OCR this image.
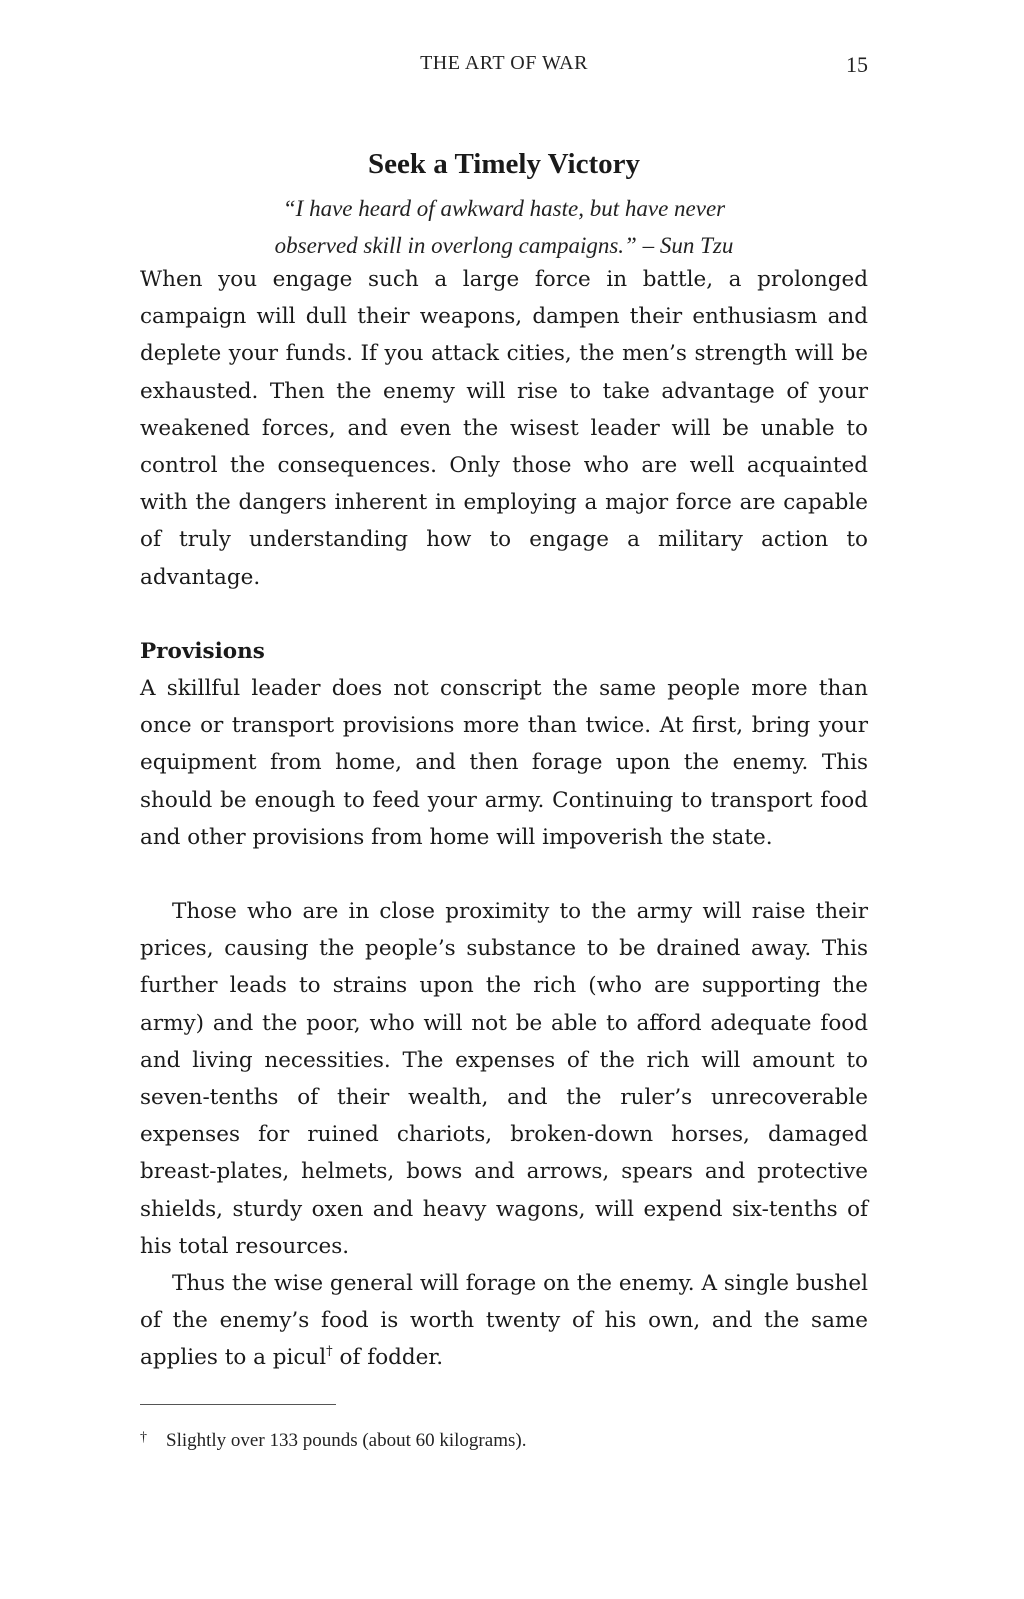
THE ART OF WAR	15
Seek a Timely Victory
“I have heard of awkward haste, but have never
observed skill in overlong campaigns.” – Sun Tzu

When you engage such a large force in battle, a prolonged campaign will dull their weapons, dampen their enthusiasm and deplete your funds. If you attack cities, the men’s strength will be exhausted. Then the enemy will rise to take advantage of your weakened forces, and even the wisest leader will be unable to control the consequences. Only those who are well acquainted with the dangers inherent in employing a major force are capable of truly understanding how to engage a military action to advantage.

Provisions

A skillful leader does not conscript the same people more than once or transport provisions more than twice. At first, bring your equipment from home, and then forage upon the enemy. This should be enough to feed your army. Continuing to transport food and other provisions from home will impoverish the state.

Those who are in close proximity to the army will raise their prices, causing the people’s substance to be drained away. This further leads to strains upon the rich (who are supporting the army) and the poor, who will not be able to afford adequate food and living necessities. The expenses of the rich will amount to seven-tenths of their wealth, and the ruler’s unrecoverable expenses for ruined chariots, broken-down horses, damaged breast-plates, helmets, bows and arrows, spears and protective shields, sturdy oxen and heavy wagons, will expend six-tenths of his total resources.

Thus the wise general will forage on the enemy. A single bushel of the enemy’s food is worth twenty of his own, and the same applies to a picul† of fodder.

† Slightly over 133 pounds (about 60 kilograms).
